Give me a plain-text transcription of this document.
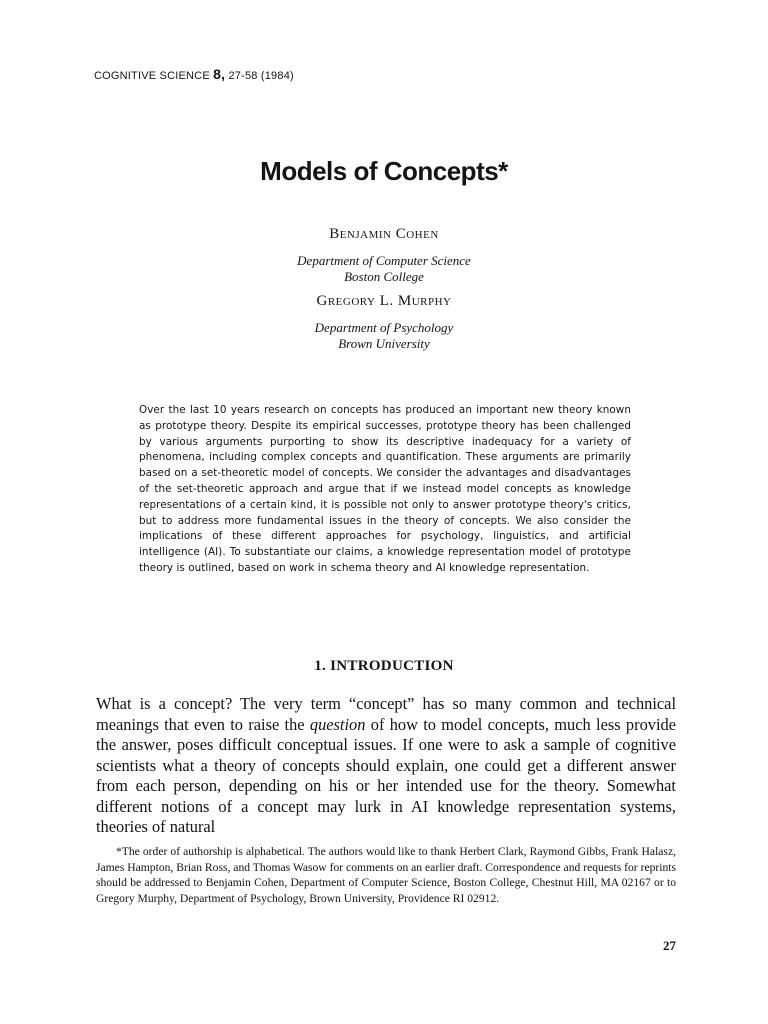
COGNITIVE SCIENCE 8, 27-58 (1984)
Models of Concepts*
Benjamin Cohen
Department of Computer Science
Boston College
Gregory L. Murphy
Department of Psychology
Brown University
Over the last 10 years research on concepts has produced an important new theory known as prototype theory. Despite its empirical successes, prototype theory has been challenged by various arguments purporting to show its descriptive inadequacy for a variety of phenomena, including complex concepts and quantification. These arguments are primarily based on a set-theoretic model of concepts. We consider the advantages and disadvantages of the set-theoretic approach and argue that if we instead model concepts as knowledge representations of a certain kind, it is possible not only to answer prototype theory's critics, but to address more fundamental issues in the theory of concepts. We also consider the implications of these different approaches for psychology, linguistics, and artificial intelligence (AI). To substantiate our claims, a knowledge representation model of prototype theory is outlined, based on work in schema theory and AI knowledge representation.
1. INTRODUCTION
What is a concept? The very term “concept” has so many common and technical meanings that even to raise the question of how to model concepts, much less provide the answer, poses difficult conceptual issues. If one were to ask a sample of cognitive scientists what a theory of concepts should explain, one could get a different answer from each person, depending on his or her intended use for the theory. Somewhat different notions of a concept may lurk in AI knowledge representation systems, theories of natural
*The order of authorship is alphabetical. The authors would like to thank Herbert Clark, Raymond Gibbs, Frank Halasz, James Hampton, Brian Ross, and Thomas Wasow for comments on an earlier draft. Correspondence and requests for reprints should be addressed to Benjamin Cohen, Department of Computer Science, Boston College, Chestnut Hill, MA 02167 or to Gregory Murphy, Department of Psychology, Brown University, Providence RI 02912.
27
